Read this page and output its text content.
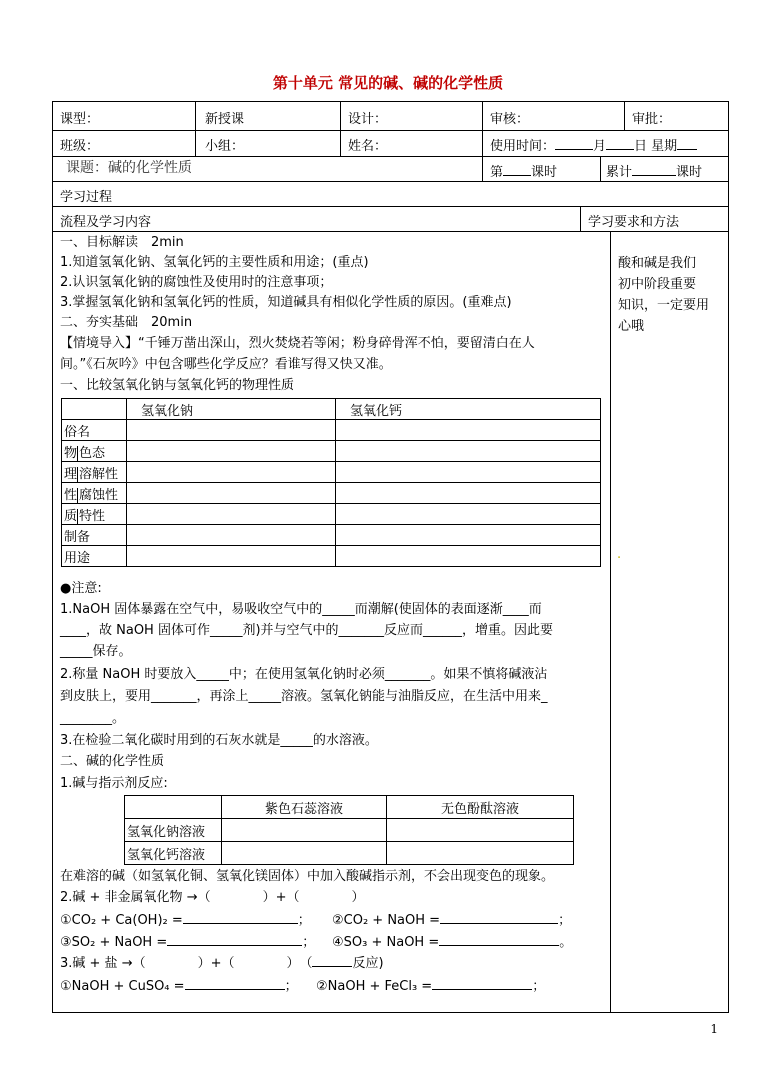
第十单元 常见的碱、碱的化学性质
课型：	新授课	设计：	审核：	审批：
班级：	小组：	姓名：	使用时间：	月 日 星期
课题：碱的化学性质	第 课时	累计	课时
学习过程
流程及学习内容	学习要求和方法
酸和碱是我们
初中阶段重要
知识，一定要用
心哦
.
一、目标解读　2min
1.知道氢氧化钠、氢氧化钙的主要性质和用途；(重点)
2.认识氢氧化钠的腐蚀性及使用时的注意事项；
3.掌握氢氧化钠和氢氧化钙的性质，知道碱具有相似化学性质的原因。(重难点)
二、夯实基础　20min
【情境导入】“千锤万凿出深山，烈火焚烧若等闲；粉身碎骨浑不怕，要留清白在人
间。”《石灰吟》中包含哪些化学反应？看谁写得又快又准。
一、比较氢氧化钠与氢氧化钙的物理性质
	氢氧化钠	氢氧化钙
俗名		
物 色态		
理 溶解性		
性 腐蚀性		
质 特性		
制备		
用途		
●注意:
1.NaOH 固体暴露在空气中，易吸收空气中的_____而潮解(使固体的表面逐渐____而
____，故 NaOH 固体可作_____剂)并与空气中的_______反应而______，增重。因此要
_____保存。
2.称量 NaOH 时要放入_____中；在使用氢氧化钠时必须_______。如果不慎将碱液沾
到皮肤上，要用_______，再涂上_____溶液。氢氧化钠能与油脂反应，在生活中用来_
________。
3.在检验二氧化碳时用到的石灰水就是_____的水溶液。
二、碱的化学性质
1.碱与指示剂反应:
	紫色石蕊溶液	无色酚酞溶液
氢氧化钠溶液		
氢氧化钙溶液		
在难溶的碱（如氢氧化铜、氢氧化镁固体）中加入酸碱指示剂，不会出现变色的现象。
2.碱 + 非金属氧化物 →（　　　　）+（　　　　）
①CO₂ + Ca(OH)₂ =	； ②CO₂ + NaOH =	；
③SO₂ + NaOH =	； ④SO₃ + NaOH =	。
3.碱 + 盐 →（　　　　）+（　　　　）　（	反应)
①NaOH + CuSO₄ =	； ②NaOH + FeCl₃ =	；
1
